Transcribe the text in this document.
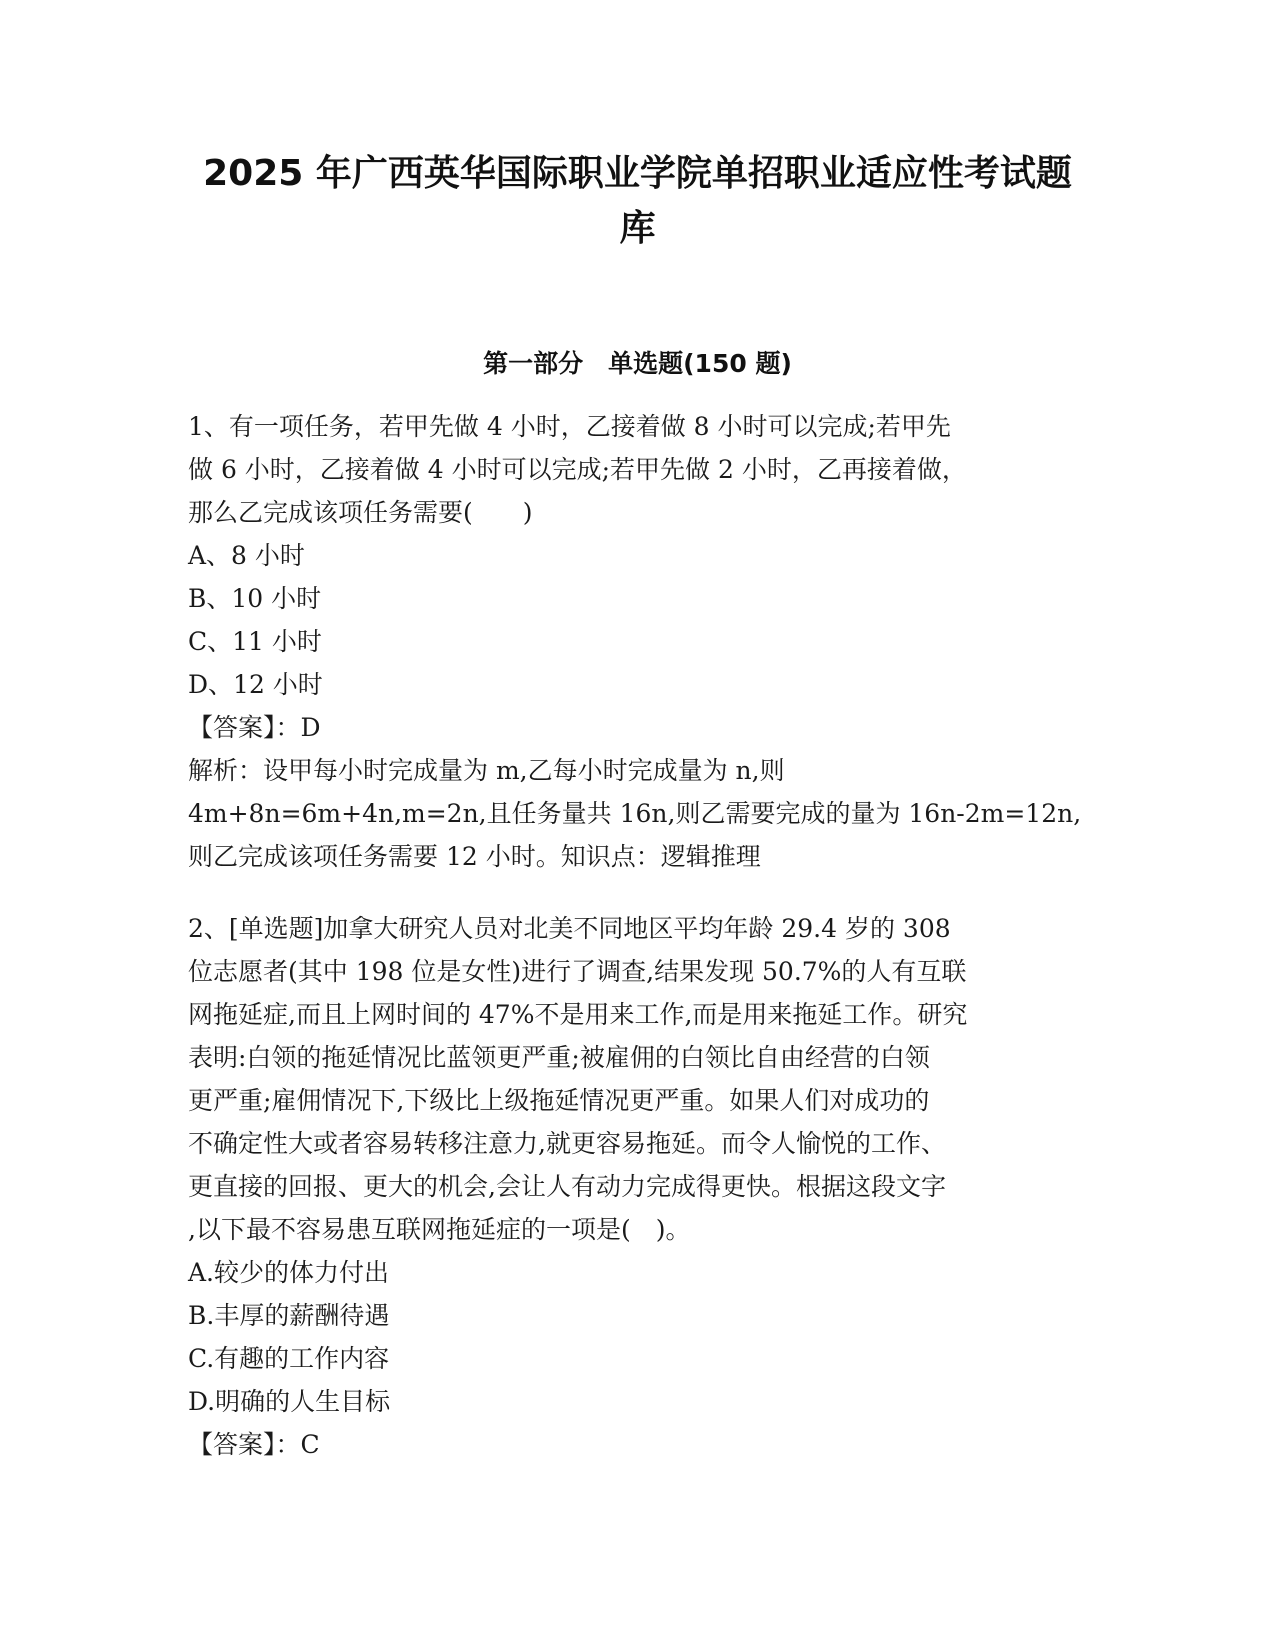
2025 年广西英华国际职业学院单招职业适应性考试题
库
第一部分　单选题(150 题)
1、有一项任务，若甲先做 4 小时，乙接着做 8 小时可以完成;若甲先
做 6 小时，乙接着做 4 小时可以完成;若甲先做 2 小时，乙再接着做，
那么乙完成该项任务需要(　　)
A、8 小时
B、10 小时
C、11 小时
D、12 小时
【答案】：D
解析：设甲每小时完成量为 m,乙每小时完成量为 n,则
4m+8n=6m+4n,m=2n,且任务量共 16n,则乙需要完成的量为 16n-2m=12n,
则乙完成该项任务需要 12 小时。知识点：逻辑推理
2、[单选题]加拿大研究人员对北美不同地区平均年龄 29.4 岁的 308
位志愿者(其中 198 位是女性)进行了调查,结果发现 50.7%的人有互联
网拖延症,而且上网时间的 47%不是用来工作,而是用来拖延工作。研究
表明:白领的拖延情况比蓝领更严重;被雇佣的白领比自由经营的白领
更严重;雇佣情况下,下级比上级拖延情况更严重。如果人们对成功的
不确定性大或者容易转移注意力,就更容易拖延。而令人愉悦的工作、
更直接的回报、更大的机会,会让人有动力完成得更快。根据这段文字
,以下最不容易患互联网拖延症的一项是(　)。
A.较少的体力付出
B.丰厚的薪酬待遇
C.有趣的工作内容
D.明确的人生目标
【答案】：C
